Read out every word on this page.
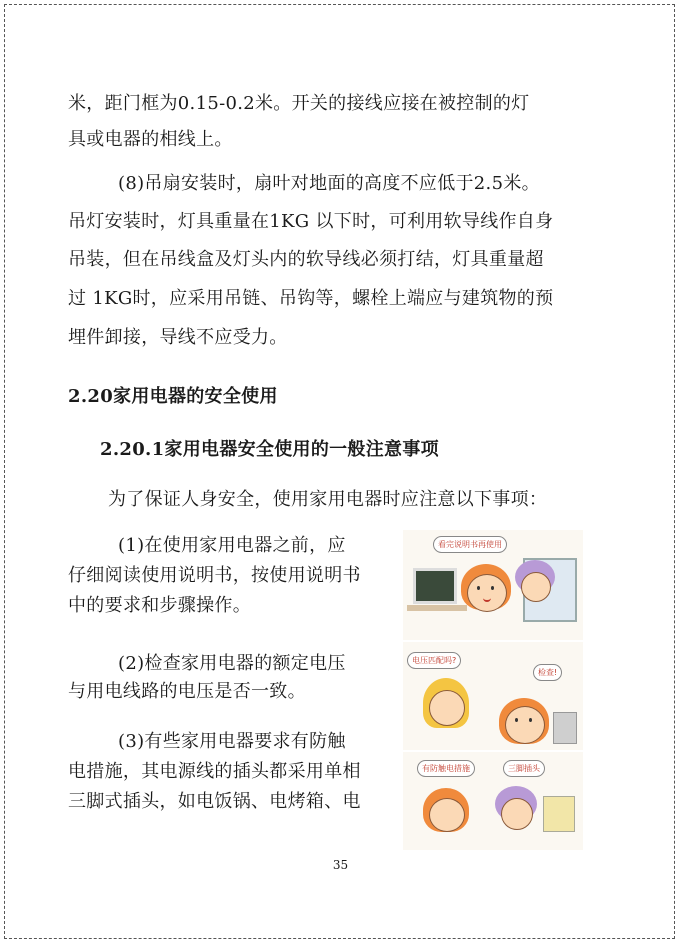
米，距门框为0.15-0.2米。开关的接线应接在被控制的灯
具或电器的相线上。
(8)吊扇安装时，扇叶对地面的高度不应低于2.5米。
吊灯安装时，灯具重量在1KG 以下时，可利用软导线作自身
吊装，但在吊线盒及灯头内的软导线必须打结，灯具重量超
过 1KG时，应采用吊链、吊钩等，螺栓上端应与建筑物的预
埋件卸接，导线不应受力。
2.20家用电器的安全使用
2.20.1家用电器安全使用的一般注意事项
为了保证人身安全，使用家用电器时应注意以下事项：
(1)在使用家用电器之前，应
仔细阅读使用说明书，按使用说明书
中的要求和步骤操作。
(2)检查家用电器的额定电压
与用电线路的电压是否一致。
(3)有些家用电器要求有防触
电措施，其电源线的插头都采用单相
三脚式插头，如电饭锅、电烤箱、电
看完说明书再使用
电压匹配吗?
检查!
有防触电措施	三脚插头
35
